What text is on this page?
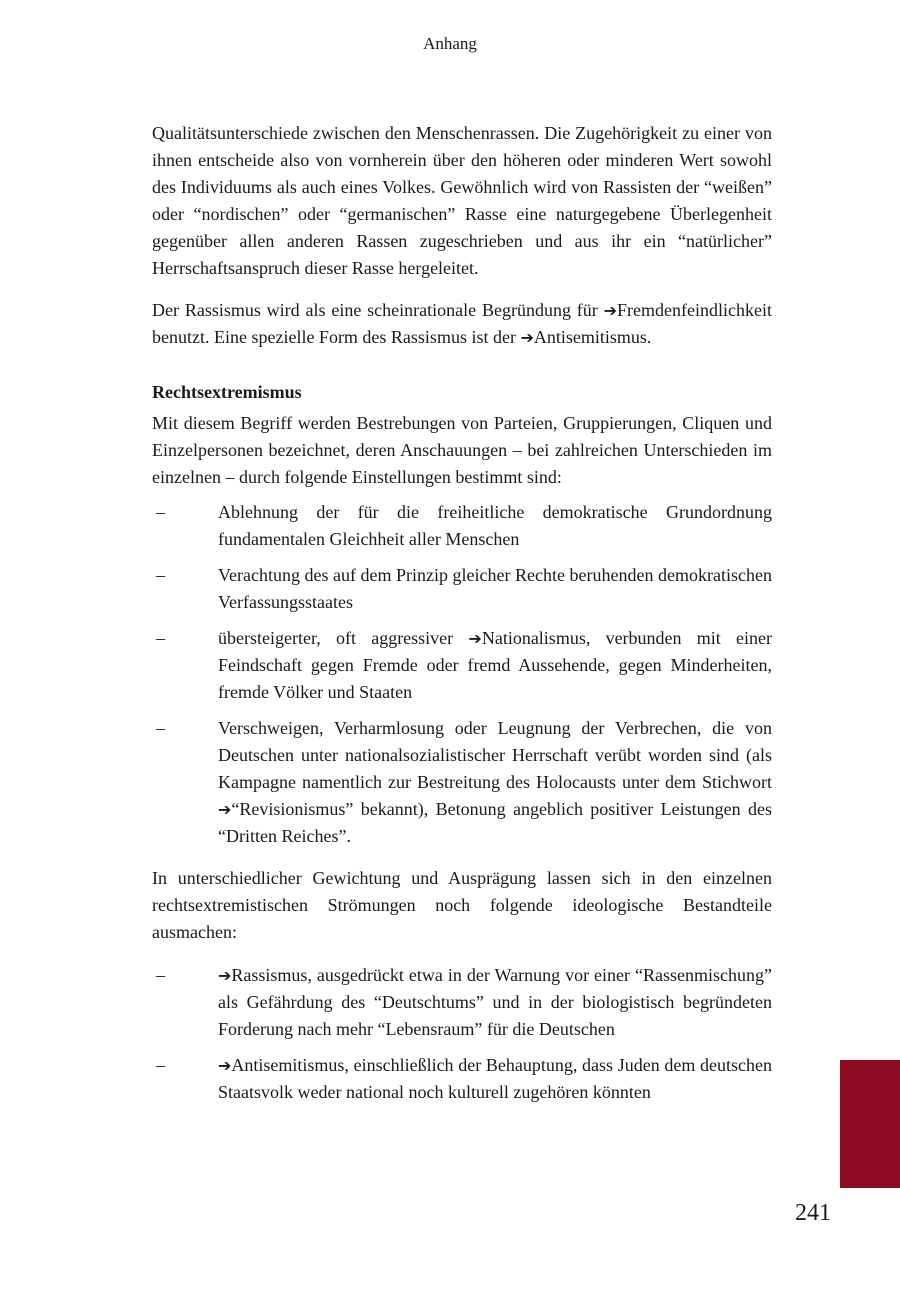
Anhang

Qualitätsunterschiede zwischen den Menschenrassen. Die Zugehörigkeit zu einer von ihnen entscheide also von vornherein über den höheren oder minderen Wert sowohl des Individuums als auch eines Volkes. Gewöhnlich wird von Rassisten der “weißen” oder “nordischen” oder “germanischen” Rasse eine naturgegebene Überlegenheit gegenüber allen anderen Rassen zugeschrieben und aus ihr ein “natürlicher” Herrschaftsanspruch dieser Rasse hergeleitet.

Der Rassismus wird als eine scheinrationale Begründung für ➔Fremdenfeindlichkeit benutzt. Eine spezielle Form des Rassismus ist der ➔Antisemitismus.

Rechtsextremismus

Mit diesem Begriff werden Bestrebungen von Parteien, Gruppierungen, Cliquen und Einzelpersonen bezeichnet, deren Anschauungen – bei zahlreichen Unterschieden im einzelnen – durch folgende Einstellungen bestimmt sind:

–	Ablehnung der für die freiheitliche demokratische Grundordnung fundamentalen Gleichheit aller Menschen
–	Verachtung des auf dem Prinzip gleicher Rechte beruhenden demokratischen Verfassungsstaates
–	übersteigerter, oft aggressiver ➔Nationalismus, verbunden mit einer Feindschaft gegen Fremde oder fremd Aussehende, gegen Minderheiten, fremde Völker und Staaten
–	Verschweigen, Verharmlosung oder Leugnung der Verbrechen, die von Deutschen unter nationalsozialistischer Herrschaft verübt worden sind (als Kampagne namentlich zur Bestreitung des Holocausts unter dem Stichwort ➔“Revisionismus” bekannt), Betonung angeblich positiver Leistungen des “Dritten Reiches”.

In unterschiedlicher Gewichtung und Ausprägung lassen sich in den einzelnen rechtsextremistischen Strömungen noch folgende ideologische Bestandteile ausmachen:

–	➔Rassismus, ausgedrückt etwa in der Warnung vor einer “Rassenmischung” als Gefährdung des “Deutschtums” und in der biologistisch begründeten Forderung nach mehr “Lebensraum” für die Deutschen
–	➔Antisemitismus, einschließlich der Behauptung, dass Juden dem deutschen Staatsvolk weder national noch kulturell zugehören könnten
241
